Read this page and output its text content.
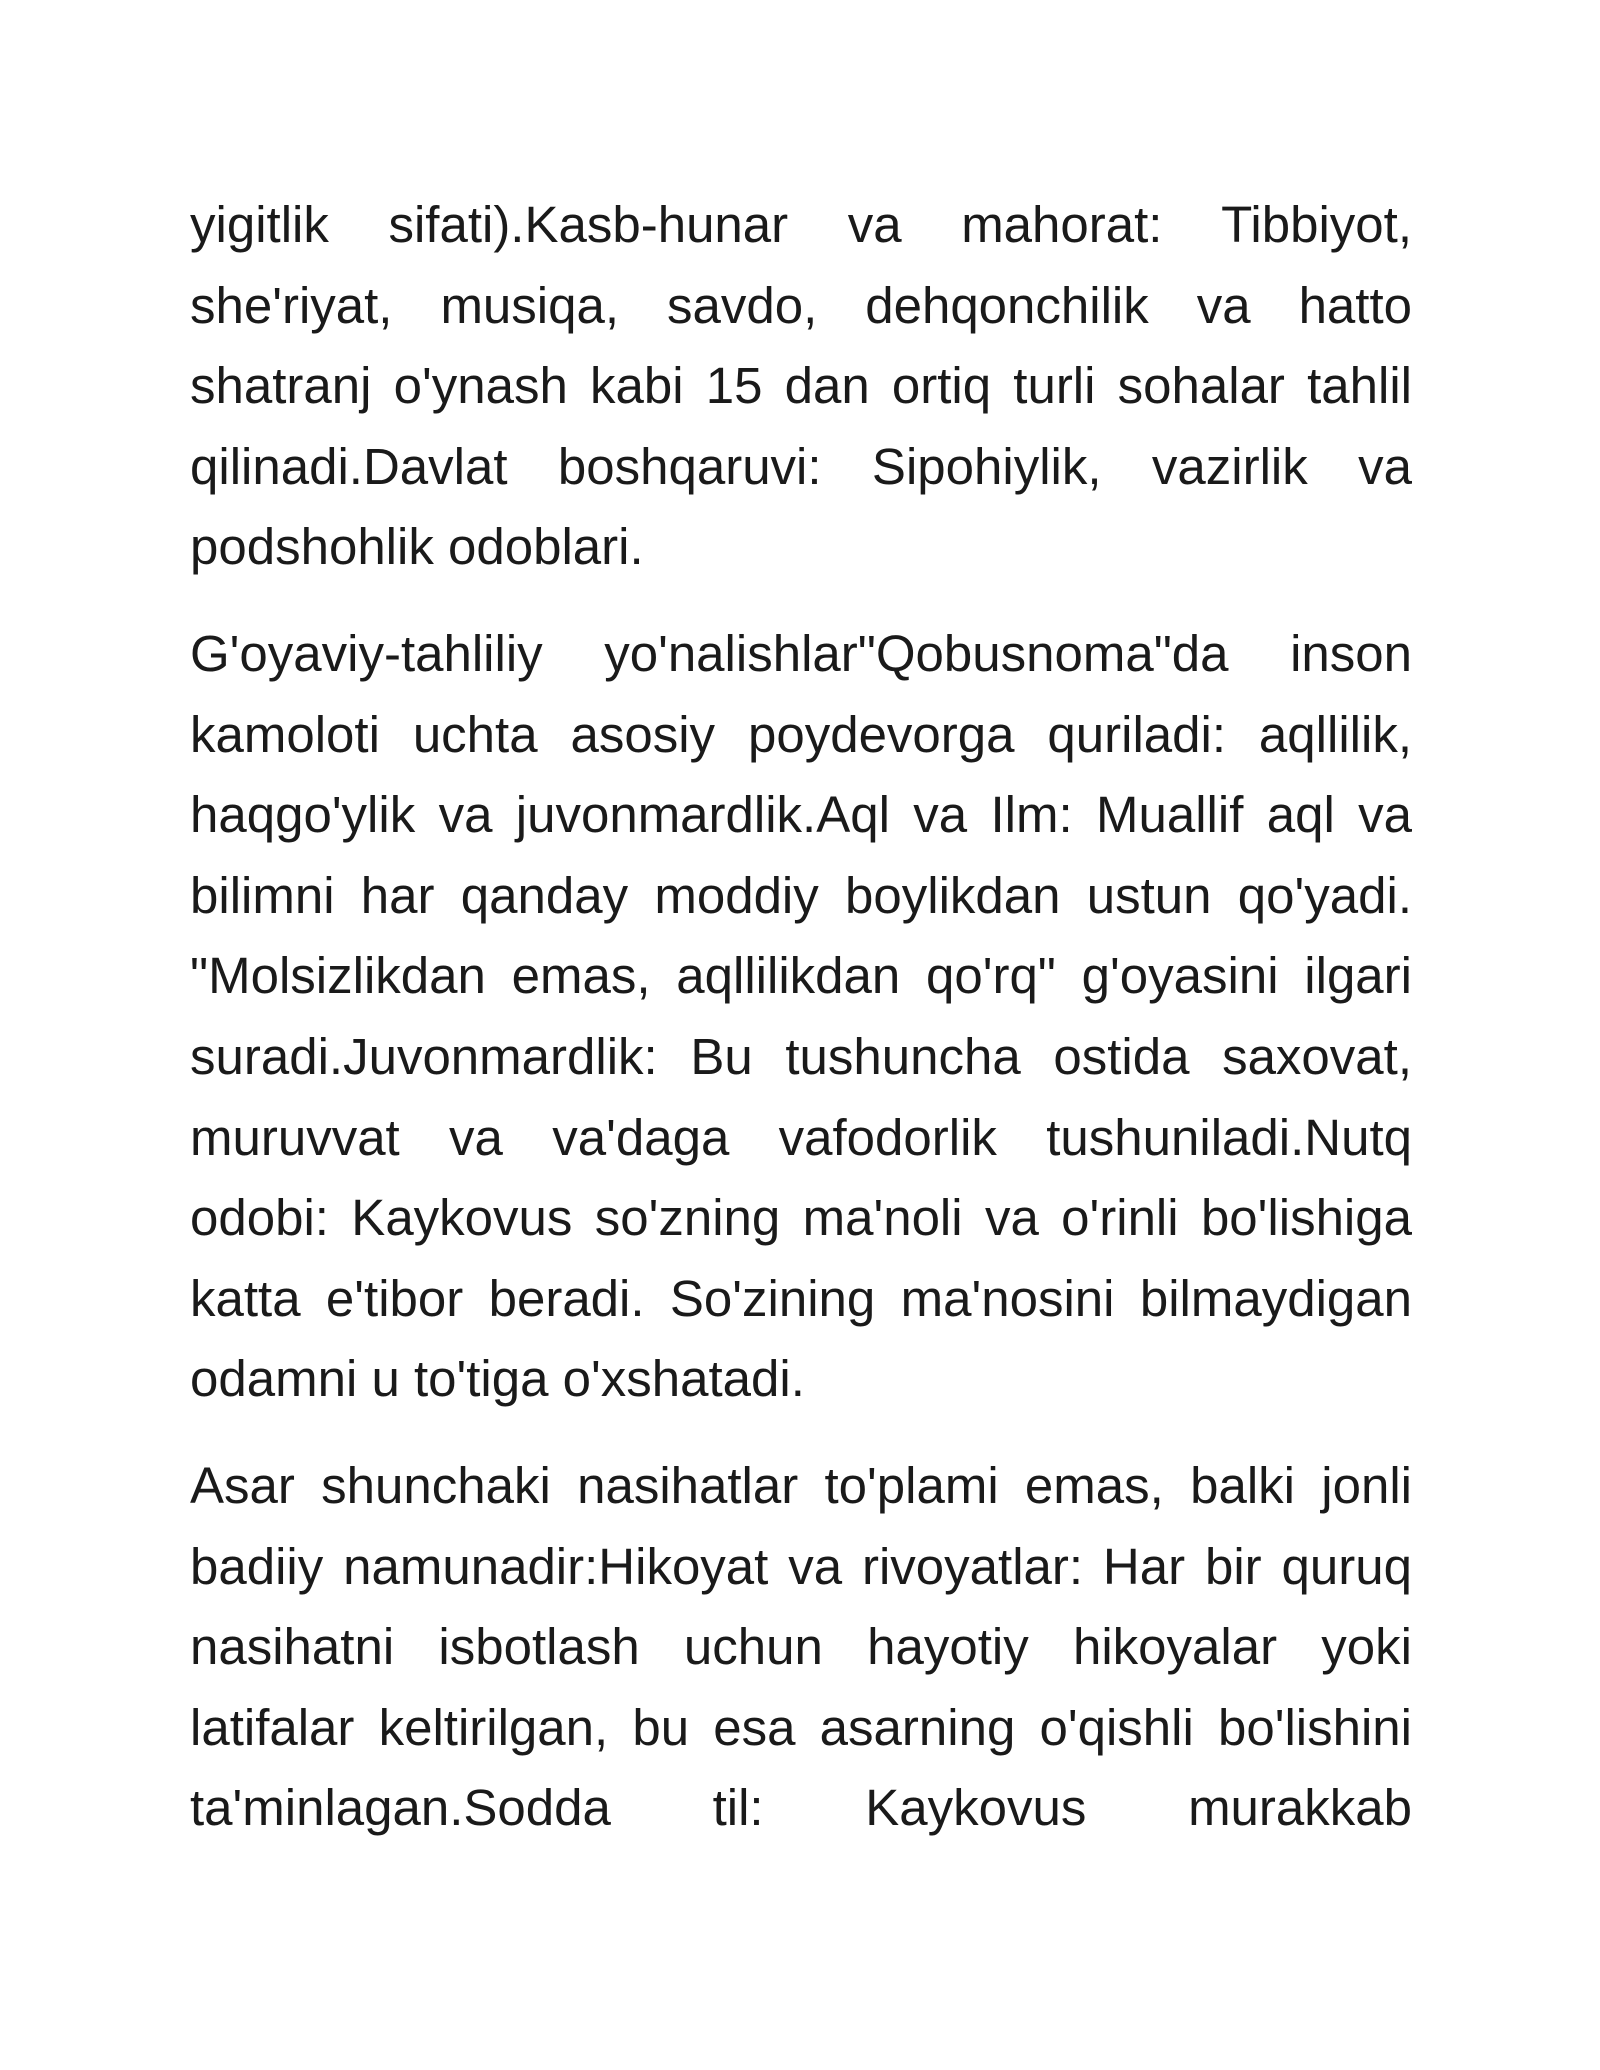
yigitlik sifati).Kasb-hunar va mahorat: Tibbiyot, she'riyat, musiqa, savdo, dehqonchilik va hatto shatranj o'ynash kabi 15 dan ortiq turli sohalar tahlil qilinadi.Davlat boshqaruvi: Sipohiylik, vazirlik va podshohlik odoblari.

G'oyaviy-tahliliy yo'nalishlar"Qobusnoma"da inson kamoloti uchta asosiy poydevorga quriladi: aqllilik, haqgo'ylik va juvonmardlik.Aql va Ilm: Muallif aql va bilimni har qanday moddiy boylikdan ustun qo'yadi. "Molsizlikdan emas, aqllilikdan qo'rq" g'oyasini ilgari suradi.Juvonmardlik: Bu tushuncha ostida saxovat, muruvvat va va'daga vafodorlik tushuniladi.Nutq odobi: Kaykovus so'zning ma'noli va o'rinli bo'lishiga katta e'tibor beradi. So'zining ma'nosini bilmaydigan odamni u to'tiga o'xshatadi.

Asar shunchaki nasihatlar to'plami emas, balki jonli badiiy namunadir:Hikoyat va rivoyatlar: Har bir quruq nasihatni isbotlash uchun hayotiy hikoyalar yoki latifalar keltirilgan, bu esa asarning o'qishli bo'lishini ta'minlagan.Sodda til: Kaykovus murakkab
